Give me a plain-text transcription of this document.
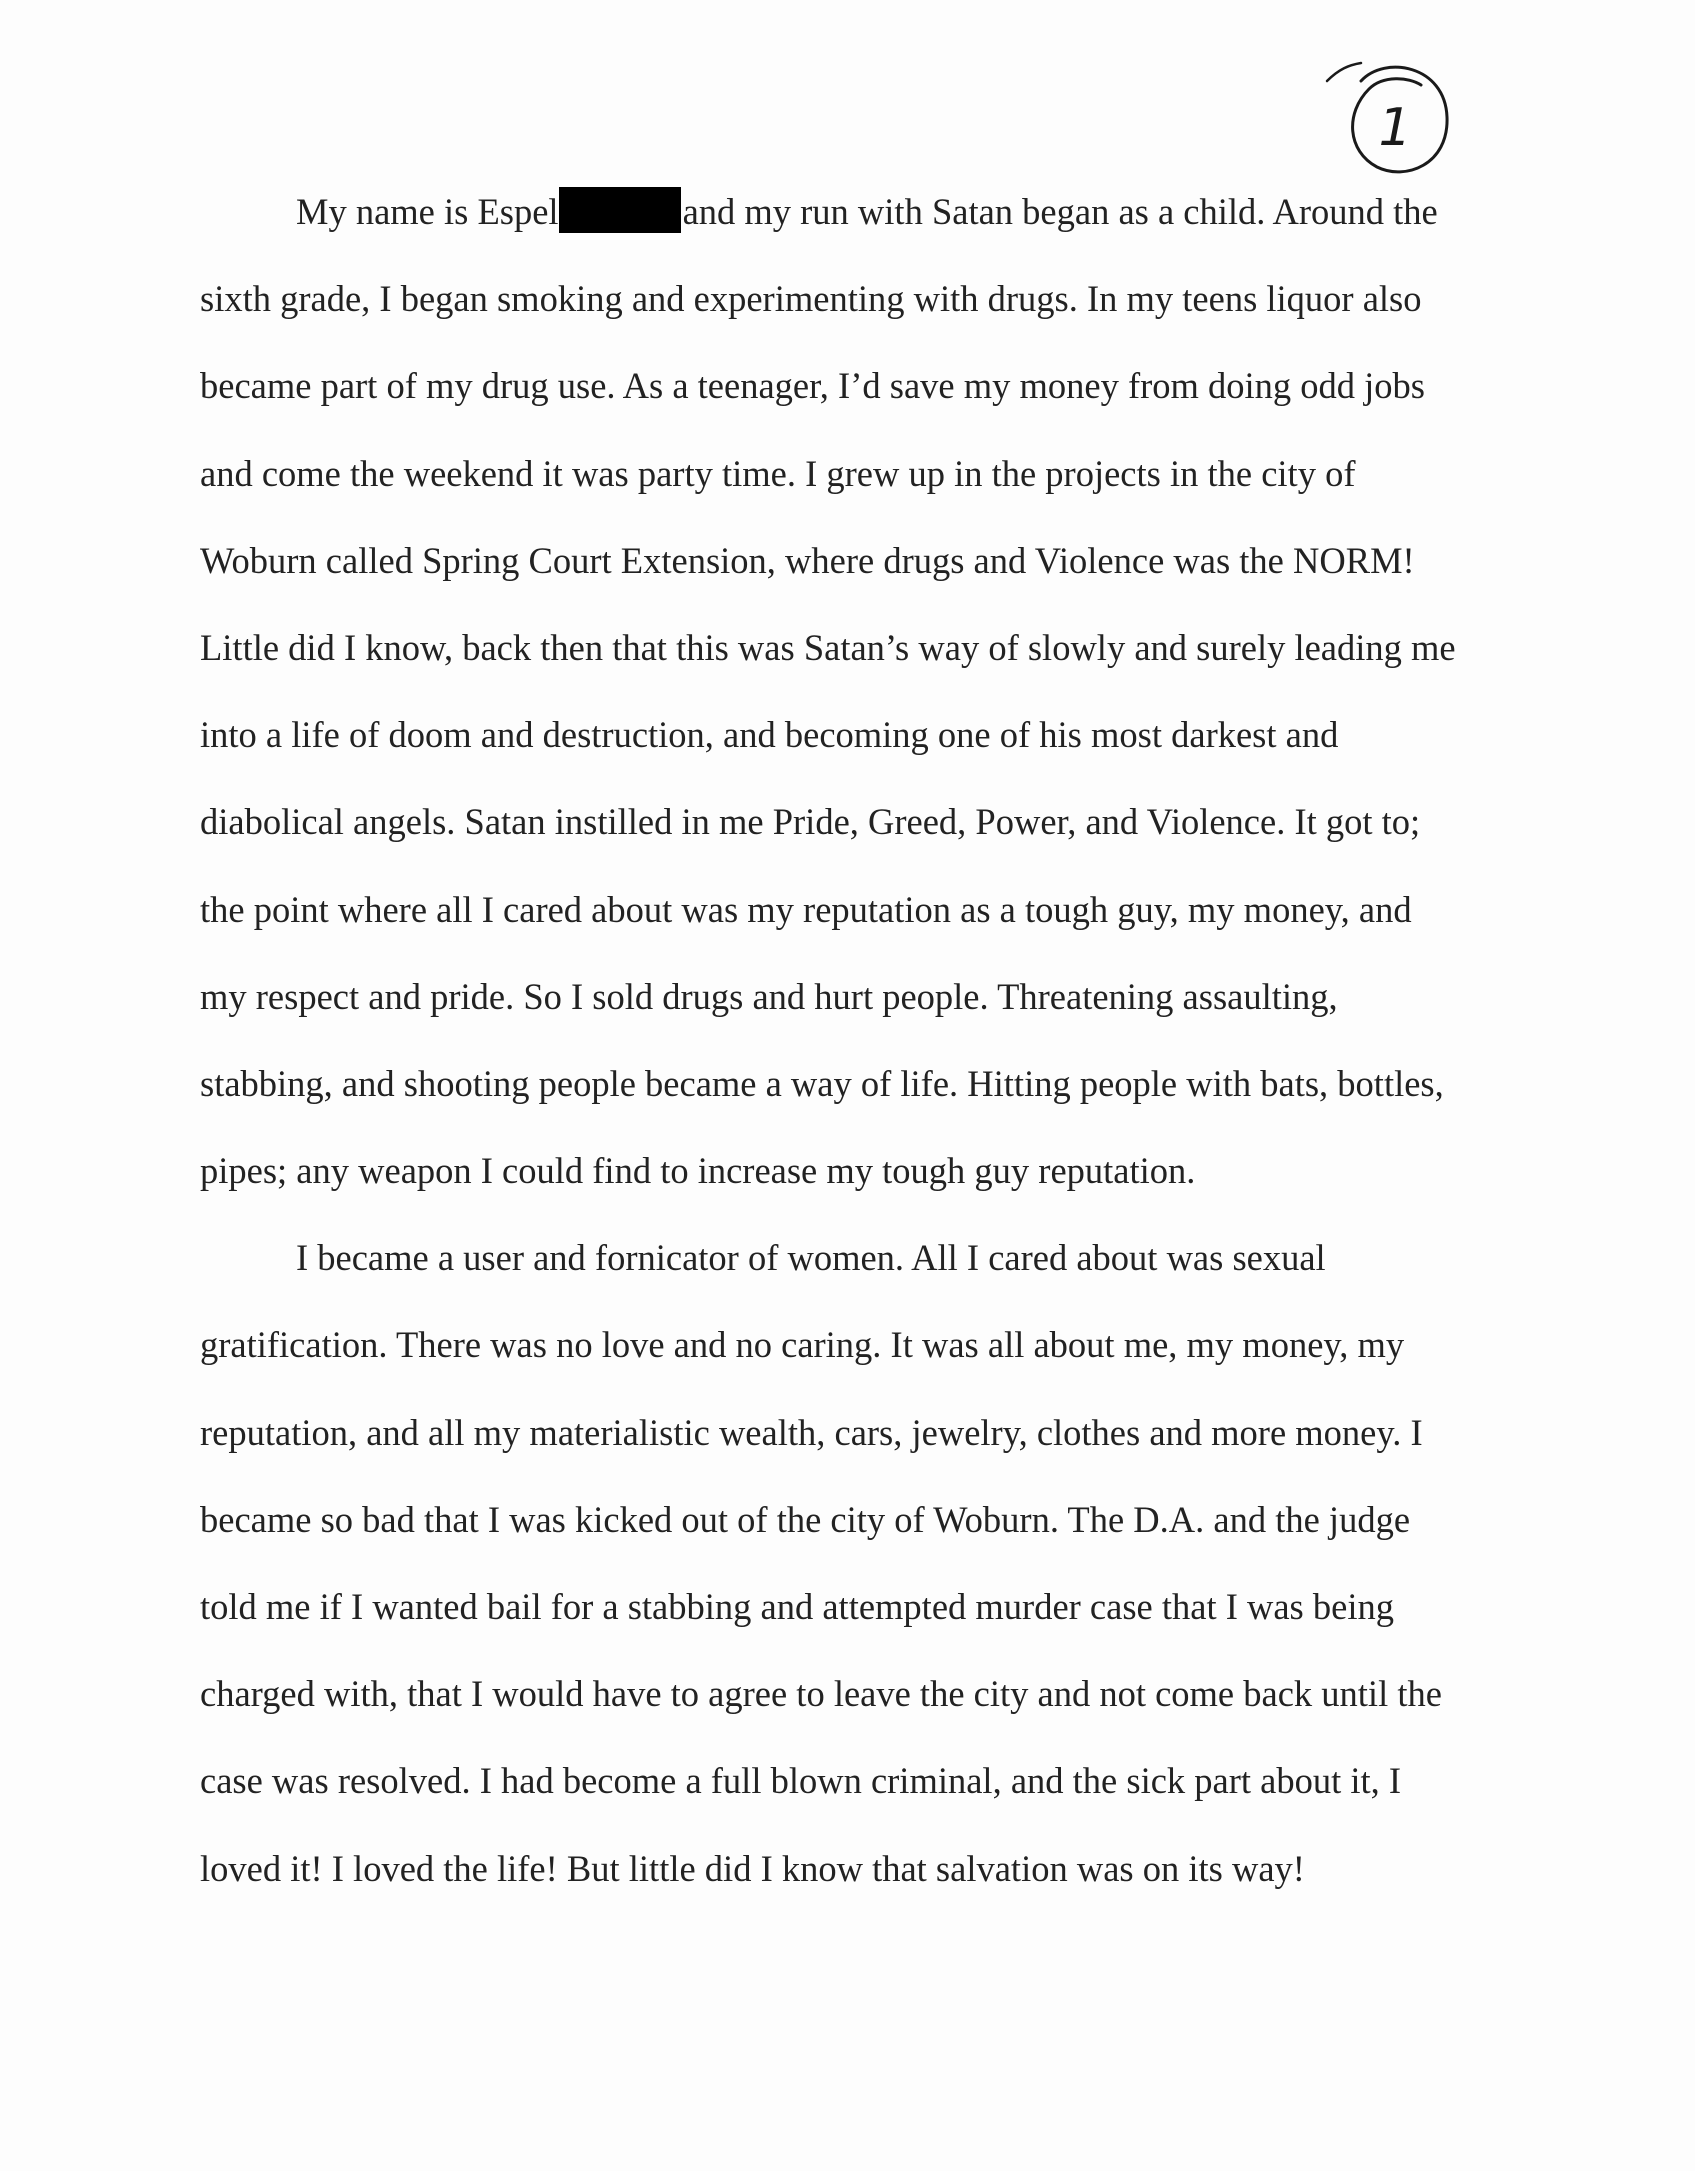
1
My name is Espel	and my run with Satan began as a child. Around the
sixth grade, I began smoking and experimenting with drugs. In my teens liquor also
became part of my drug use. As a teenager, I’d save my money from doing odd jobs
and come the weekend it was party time. I grew up in the projects in the city of
Woburn called Spring Court Extension, where drugs and Violence was the NORM!
Little did I know, back then that this was Satan’s way of slowly and surely leading me
into a life of doom and destruction, and becoming one of his most darkest and
diabolical angels. Satan instilled in me Pride, Greed, Power, and Violence. It got to;
the point where all I cared about was my reputation as a tough guy, my money, and
my respect and pride. So I sold drugs and hurt people. Threatening assaulting,
stabbing, and shooting people became a way of life. Hitting people with bats, bottles,
pipes; any weapon I could find to increase my tough guy reputation.
I became a user and fornicator of women. All I cared about was sexual
gratification. There was no love and no caring. It was all about me, my money, my
reputation, and all my materialistic wealth, cars, jewelry, clothes and more money. I
became so bad that I was kicked out of the city of Woburn. The D.A. and the judge
told me if I wanted bail for a stabbing and attempted murder case that I was being
charged with, that I would have to agree to leave the city and not come back until the
case was resolved. I had become a full blown criminal, and the sick part about it, I
loved it! I loved the life! But little did I know that salvation was on its way!
